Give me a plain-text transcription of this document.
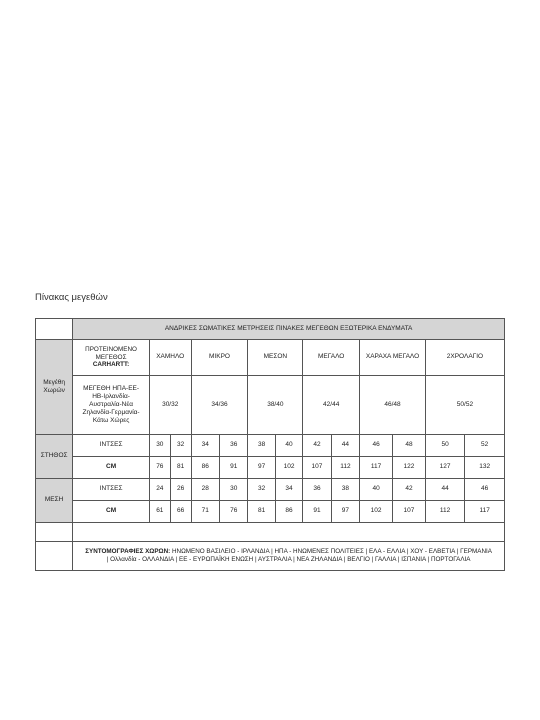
Πίνακας μεγεθών
	ΑΝΔΡΙΚΕΣ ΣΩΜΑΤΙΚΕΣ ΜΕΤΡΗΣΕΙΣ ΠΙΝΑΚΕΣ ΜΕΓΕΘΩΝ ΕΞΩΤΕΡΙΚΑ ΕΝΔΥΜΑΤΑ												
Μεγέθη Χωρών	ΠΡΟΤΕΙΝΟΜΕΝΟ
ΜΕΓΕΘΟΣ
CARHARTT:	ΧΑΜΗΛΟ		ΜΙΚΡΟ		ΜΕΣΟΝ		ΜΕΓΑΛΟ		ΧΑΡΑΧΑ ΜΕΓΑΛΟ		2ΧΡΟΛΑΓΙΟ	

	ΜΕΓΕΘΗ ΗΠΑ-ΕΕ-
ΗΒ-Ιρλανδία-
Αυστραλία-Νέα
Ζηλανδία-Γερμανία-
Κάτω Χώρες	30/32		34/36		38/40		42/44		46/48		50/52	
ΣΤΗΘΟΣ	ΙΝΤΣΕΣ	30	32	34	36	38	40	42	44	46	48	50	52
	CM	76	81	86	91	97	102	107	112	117	122	127	132
ΜΕΣΗ	ΙΝΤΣΕΣ	24	26	28	30	32	34	36	38	40	42	44	46
	CM	61	66	71	76	81	86	91	97	102	107	112	117

	ΣΥΝΤΟΜΟΓΡΑΦΙΕΣ ΧΩΡΩΝ: ΗΝΩΜΕΝΟ ΒΑΣΙΛΕΙΟ - ΙΡΛΑΝΔΙΑ | ΗΠΑ - ΗΝΩΜΕΝΕΣ ΠΟΛΙΤΕΙΕΣ | ΕΛΑ - ΕΛΛΙΑ | ΧΟΥ - ΕΛΒΕΤΙΑ | ΓΕΡΜΑΝΙΑ
| Ολλανδία - ΟΛΛΑΝΔΙΑ | ΕΕ - ΕΥΡΩΠΑΪΚΗ ΕΝΩΣΗ | ΑΥΣΤΡΑΛΙΑ | ΝΕΑ ΖΗΛΑΝΔΙΑ | ΒΕΛΓΙΟ | ΓΑΛΛΙΑ | ΙΣΠΑΝΙΑ | ΠΟΡΤΟΓΑΛΙΑ												
